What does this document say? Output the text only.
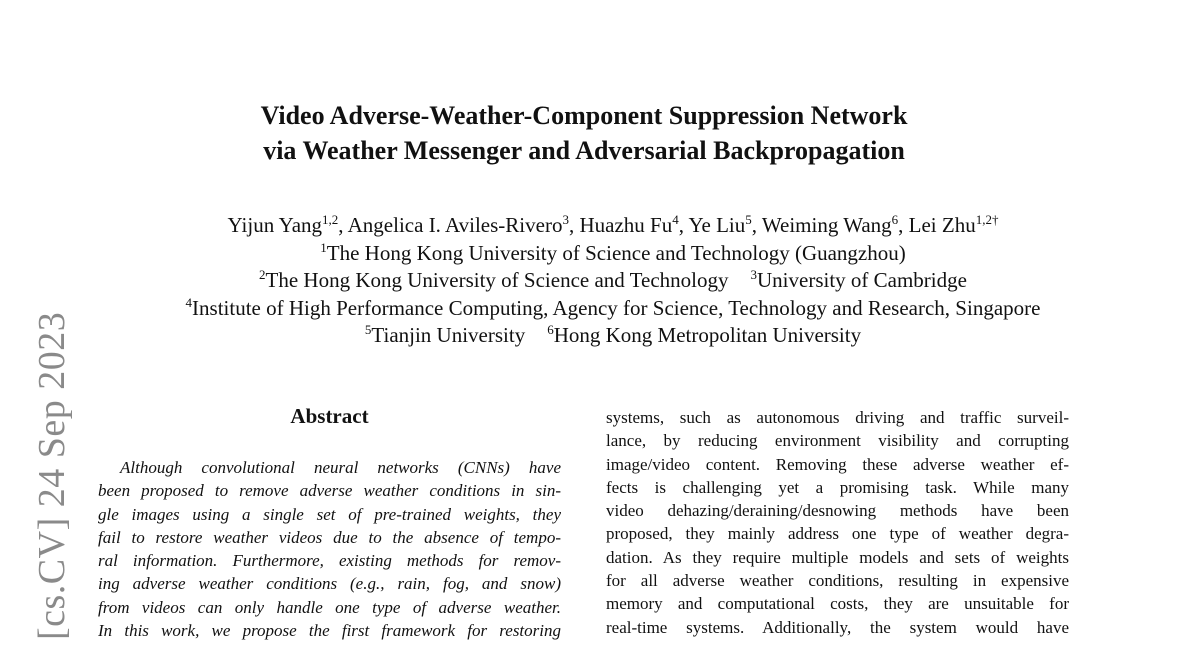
[cs.CV] 24 Sep 2023
Video Adverse-Weather-Component Suppression Network
via Weather Messenger and Adversarial Backpropagation
Yijun Yang$^{1,2}$, Angelica I. Aviles-Rivero$^3$, Huazhu Fu$^4$, Ye Liu$^5$, Weiming Wang$^6$, Lei Zhu$^{1,2\dagger}$
$^1$The Hong Kong University of Science and Technology (Guangzhou)
$^2$The Hong Kong University of Science and Technology $^3$University of Cambridge
$^4$Institute of High Performance Computing, Agency for Science, Technology and Research, Singapore
$^5$Tianjin University $^6$Hong Kong Metropolitan University
Abstract
Although convolutional neural networks (CNNs) have
been proposed to remove adverse weather conditions in sin-
gle images using a single set of pre-trained weights, they
fail to restore weather videos due to the absence of tempo-
ral information. Furthermore, existing methods for remov-
ing adverse weather conditions (e.g., rain, fog, and snow)
from videos can only handle one type of adverse weather.
In this work, we propose the first framework for restoring
systems, such as autonomous driving and traffic surveil-
lance, by reducing environment visibility and corrupting
image/video content. Removing these adverse weather ef-
fects is challenging yet a promising task. While many
video dehazing/deraining/desnowing methods have been
proposed, they mainly address one type of weather degra-
dation. As they require multiple models and sets of weights
for all adverse weather conditions, resulting in expensive
memory and computational costs, they are unsuitable for
real-time systems. Additionally, the system would have
